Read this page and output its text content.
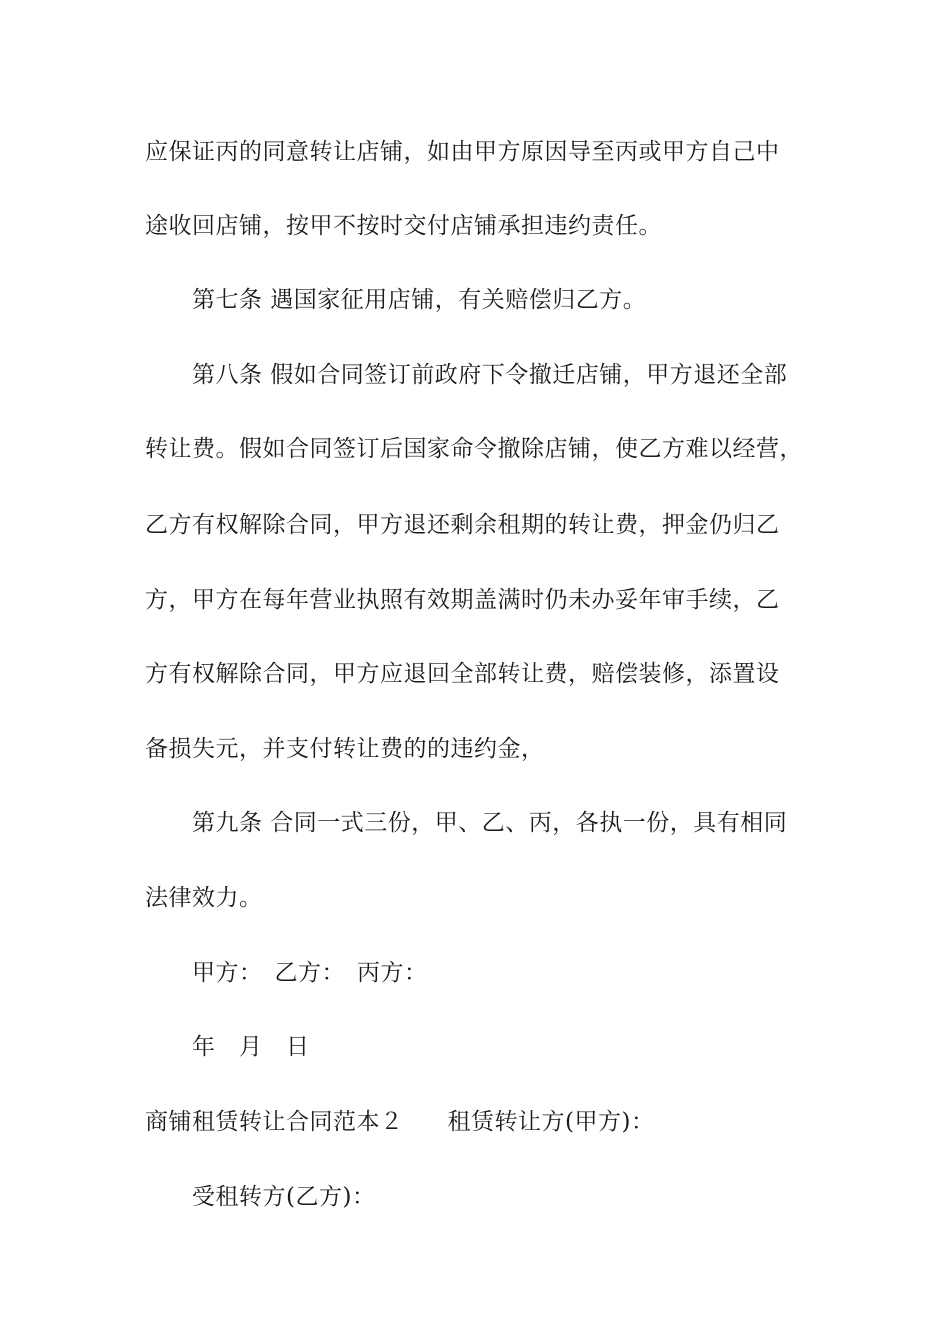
应保证丙的同意转让店铺，如由甲方原因导至丙或甲方自己中
途收回店铺，按甲不按时交付店铺承担违约责任。
第七条 遇国家征用店铺，有关赔偿归乙方。
第八条 假如合同签订前政府下令撤迁店铺，甲方退还全部
转让费。假如合同签订后国家命令撤除店铺，使乙方难以经营，
乙方有权解除合同，甲方退还剩余租期的转让费，押金仍归乙
方，甲方在每年营业执照有效期盖满时仍未办妥年审手续，乙
方有权解除合同，甲方应退回全部转让费，赔偿装修，添置设
备损失元，并支付转让费的的违约金，
第九条 合同一式三份，甲、乙、丙，各执一份，具有相同
法律效力。
甲方：　乙方：　丙方：
年　月　日
商铺租赁转让合同范本２ 租赁转让方(甲方)：
受租转方(乙方)：
